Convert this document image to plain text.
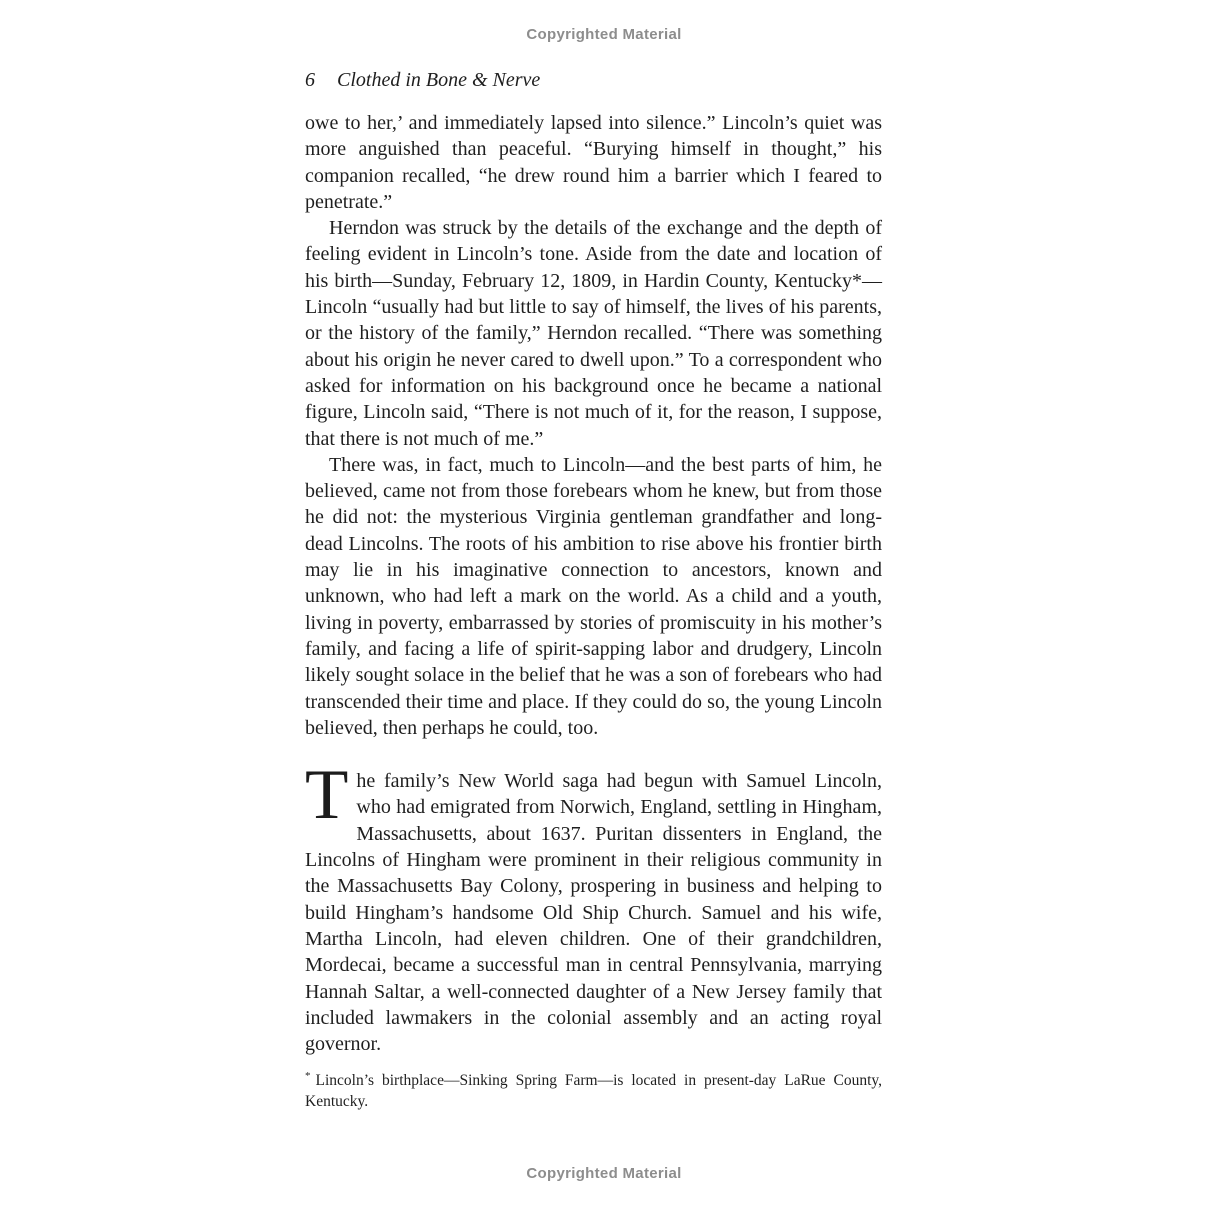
Copyrighted Material
6 Clothed in Bone & Nerve

owe to her,’ and immediately lapsed into silence.” Lincoln’s quiet was more anguished than peaceful. “Burying himself in thought,” his companion recalled, “he drew round him a barrier which I feared to penetrate.”

Herndon was struck by the details of the exchange and the depth of feeling evident in Lincoln’s tone. Aside from the date and location of his birth—Sunday, February 12, 1809, in Hardin County, Kentucky*—Lincoln “usually had but little to say of himself, the lives of his parents, or the history of the family,” Herndon recalled. “There was something about his origin he never cared to dwell upon.” To a correspondent who asked for information on his background once he became a national figure, Lincoln said, “There is not much of it, for the reason, I suppose, that there is not much of me.”

There was, in fact, much to Lincoln—and the best parts of him, he believed, came not from those forebears whom he knew, but from those he did not: the mysterious Virginia gentleman grandfather and long-dead Lincolns. The roots of his ambition to rise above his frontier birth may lie in his imaginative connection to ancestors, known and unknown, who had left a mark on the world. As a child and a youth, living in poverty, embarrassed by stories of promiscuity in his mother’s family, and facing a life of spirit-sapping labor and drudgery, Lincoln likely sought solace in the belief that he was a son of forebears who had transcended their time and place. If they could do so, the young Lincoln believed, then perhaps he could, too.

The family’s New World saga had begun with Samuel Lincoln, who had emigrated from Norwich, England, settling in Hingham, Massachusetts, about 1637. Puritan dissenters in England, the Lincolns of Hingham were prominent in their religious community in the Massachusetts Bay Colony, prospering in business and helping to build Hingham’s handsome Old Ship Church. Samuel and his wife, Martha Lincoln, had eleven children. One of their grandchildren, Mordecai, became a successful man in central Pennsylvania, marrying Hannah Saltar, a well-connected daughter of a New Jersey family that included lawmakers in the colonial assembly and an acting royal governor.

* Lincoln’s birthplace—Sinking Spring Farm—is located in present-day LaRue County, Kentucky.
Copyrighted Material
